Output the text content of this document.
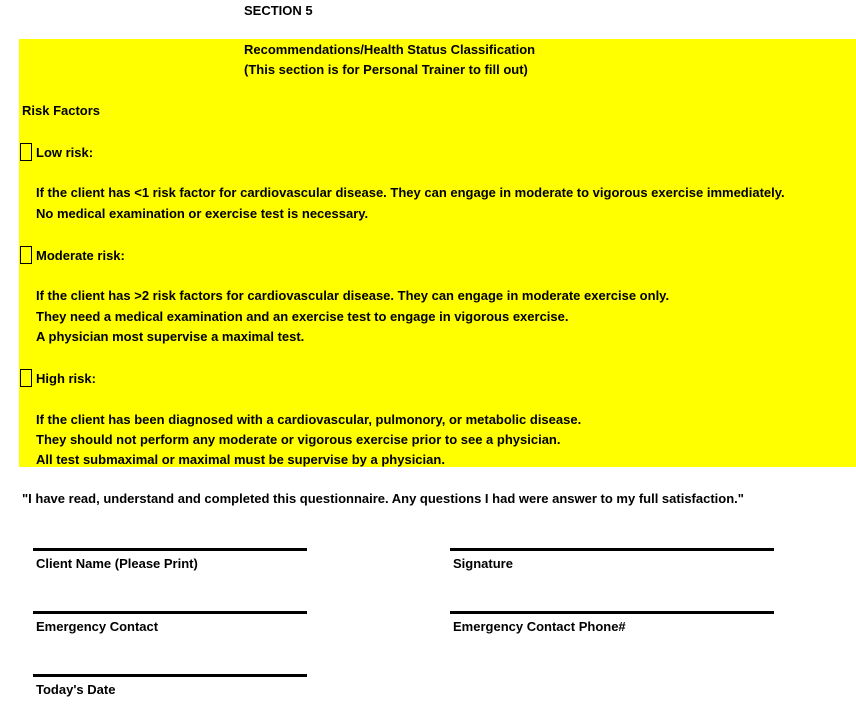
SECTION 5
Recommendations/Health Status Classification
(This section is for Personal Trainer to fill out)
Risk Factors
Low risk:
If the client has <1 risk factor for cardiovascular disease. They can engage in moderate to vigorous exercise immediately.
No medical examination or exercise test is necessary.
Moderate risk:
If the client has >2 risk factors for cardiovascular disease. They can engage in moderate exercise only.
They need a medical examination and an exercise test to engage in vigorous exercise.
A physician most supervise a maximal test.
High risk:
If the client has been diagnosed with a cardiovascular, pulmonory, or metabolic disease.
They should not perform any moderate or vigorous exercise prior to see a physician.
All test submaximal or maximal must be supervise by a physician.
"I have read, understand and completed this questionnaire. Any questions I had were answer to my full satisfaction."
Client Name (Please Print)	Signature
Emergency Contact	Emergency Contact Phone#
Today's Date
